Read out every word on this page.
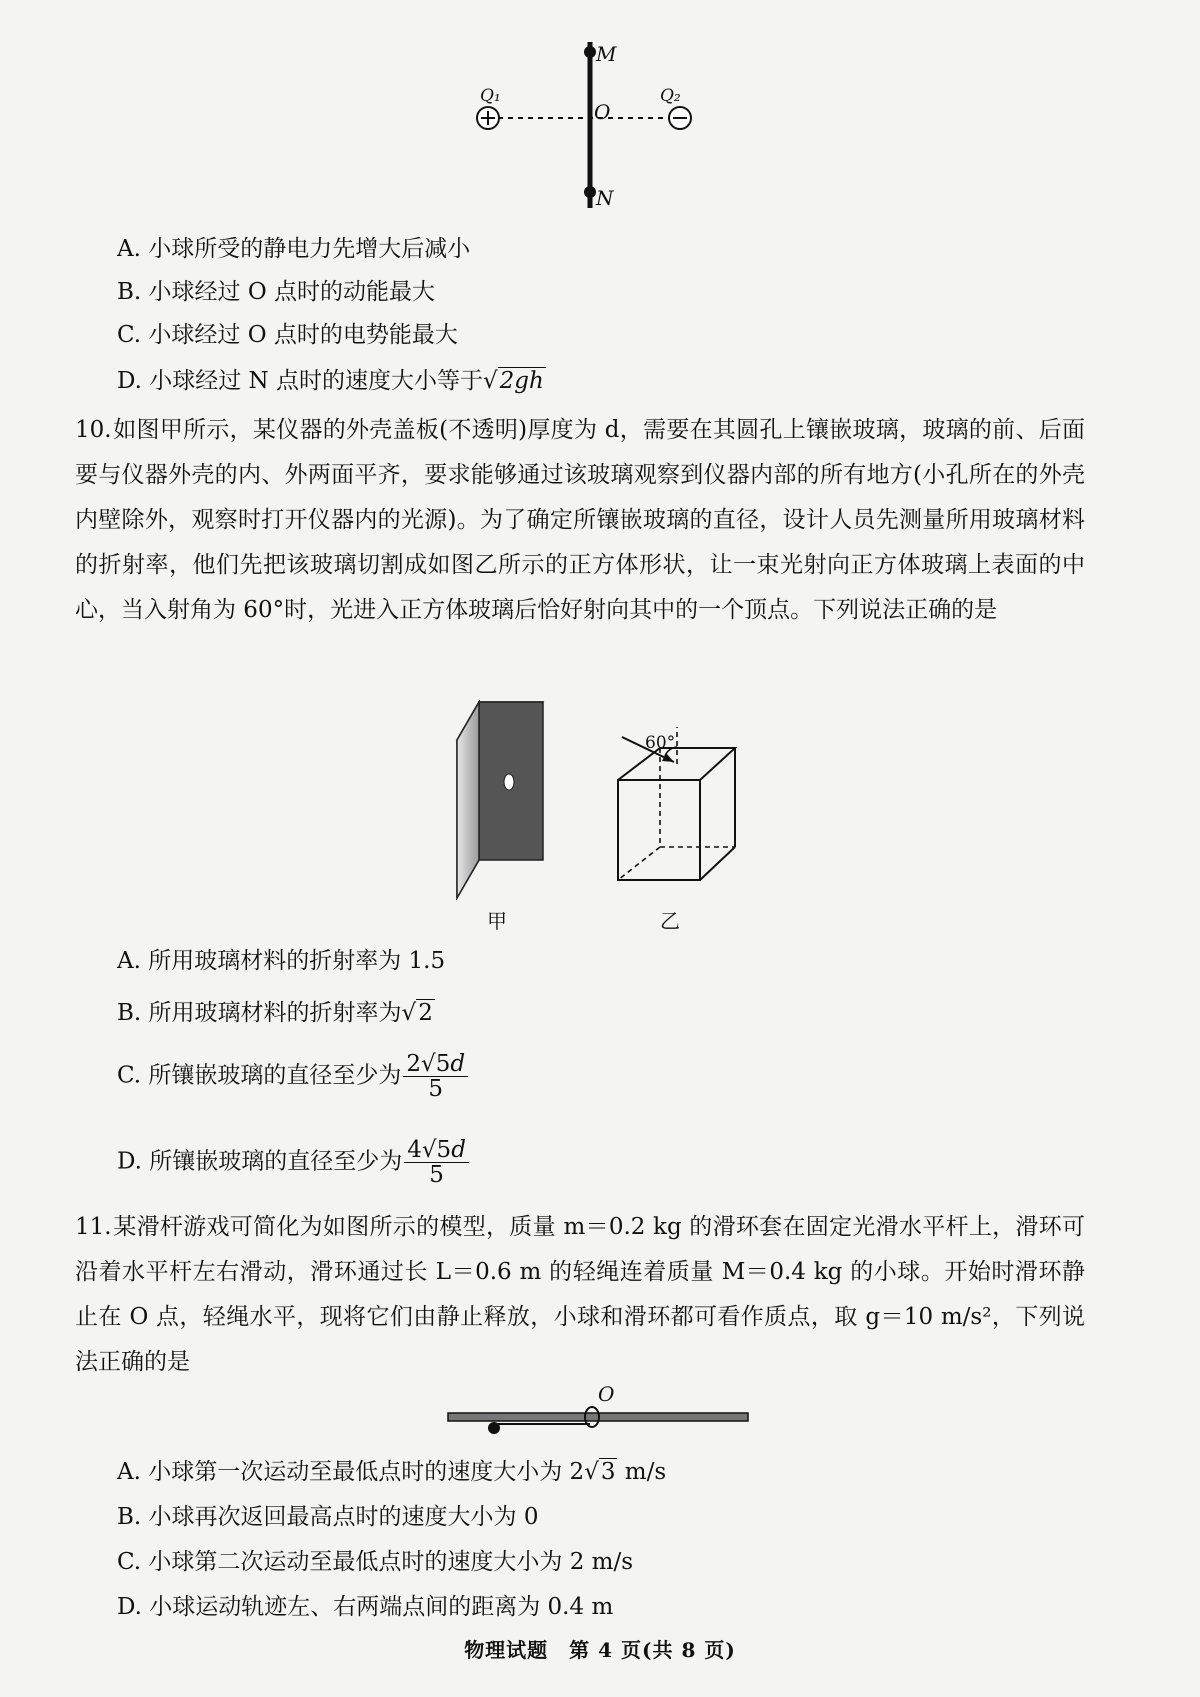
M
Q₁
O
Q₂
N
A. 小球所受的静电力先增大后减小
B. 小球经过 O 点时的动能最大
C. 小球经过 O 点时的电势能最大
D. 小球经过 N 点时的速度大小等于√2gh

10.如图甲所示，某仪器的外壳盖板(不透明)厚度为 d，需要在其圆孔上镶嵌玻璃，玻璃的前、后面要与仪器外壳的内、外两面平齐，要求能够通过该玻璃观察到仪器内部的所有地方(小孔所在的外壳内壁除外，观察时打开仪器内的光源)。为了确定所镶嵌玻璃的直径，设计人员先测量所用玻璃材料的折射率，他们先把该玻璃切割成如图乙所示的正方体形状，让一束光射向正方体玻璃上表面的中心，当入射角为 60°时，光进入正方体玻璃后恰好射向其中的一个顶点。下列说法正确的是

甲
60°
乙
A. 所用玻璃材料的折射率为 1.5
B. 所用玻璃材料的折射率为√2
C. 所镶嵌玻璃的直径至少为 $\frac{2√5d}{5}$
D. 所镶嵌玻璃的直径至少为 $\frac{4√5d}{5}$

11.某滑杆游戏可简化为如图所示的模型，质量 m＝0.2 kg 的滑环套在固定光滑水平杆上，滑环可沿着水平杆左右滑动，滑环通过长 L＝0.6 m 的轻绳连着质量 M＝0.4 kg 的小球。开始时滑环静止在 O 点，轻绳水平，现将它们由静止释放，小球和滑环都可看作质点，取 g＝10 m/s²，下列说法正确的是

O
A. 小球第一次运动至最低点时的速度大小为 2√3 m/s
B. 小球再次返回最高点时的速度大小为 0
C. 小球第二次运动至最低点时的速度大小为 2 m/s
D. 小球运动轨迹左、右两端点间的距离为 0.4 m
物理试题　第 4 页(共 8 页)
